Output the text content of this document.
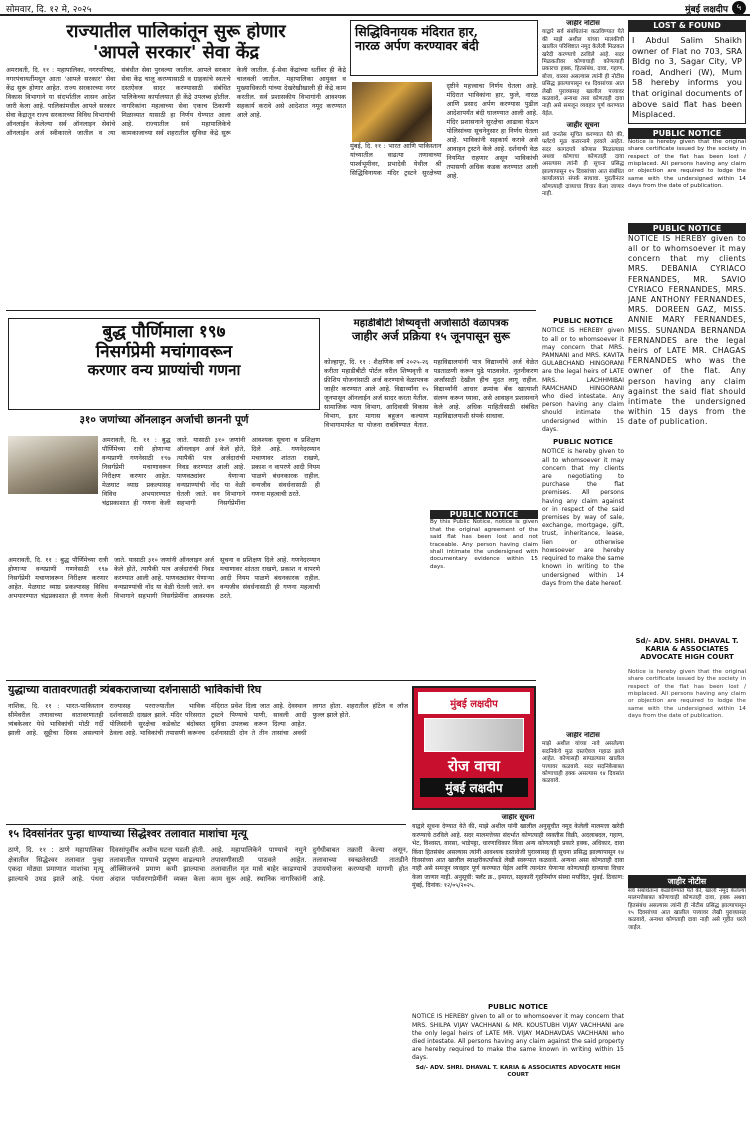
सोमवार, दि. १२ मे, २०२५	मुंबई लक्षदीप ५
राज्यातील पालिकांतून सुरू होणार
'आपले सरकार' सेवा केंद्र
अमरावती, दि. ११ : महापालिका, नगरपरिषद, नगरपंचायतींमधून आता 'आपले सरकार' सेवा केंद्र सुरू होणार आहेत. राज्य सरकारच्या नगर विकास विभागाने या संदर्भातील शासन आदेश जारी केला आहे. पालिकांमधील आपले सरकार सेवा केंद्रातून राज्य सरकारच्या विविध विभागांची ऑनलाईन केलेल्या सर्व ऑनलाइन सेवांचे ऑनलाईन अर्ज स्वीकारले जातील व त्या संबंधीत सेवा पुरवल्या जातील. आपले सरकार सेवा केंद्र चालू करण्यासाठी व ग्राहकांचे स्वतःचे दस्तऐवज सादर करण्यासाठी संबंधित पालिकेच्या कार्यालयात ही केंद्रे उपलब्ध होतील. नागरिकांना महत्वाच्या सेवा एकाच ठिकाणी मिळाव्यात यासाठी हा निर्णय घेण्यात आला आहे. राज्यातील सर्व महापालिकेचे कामकाजाच्या सर्व शहरातील सुविधा केंद्रे सुरू केली जातील. ई-सेवा केंद्रांच्या धर्तीवर ही केंद्रे चालवली जातील. महापालिका आयुक्त व मुख्याधिकारी यांच्या देखरेखीखाली ही केंद्रे काम करतील. सर्व प्रशासकीय विभागांनी आवश्यक सहकार्य करावे असे आदेशात नमूद करण्यात आले आहे.
सिद्धिविनायक मंदिरात हार,
नारळ अर्पण करण्यावर बंदी
मुंबई, दि. ११ : भारत आणि पाकिस्तान यांच्यातील वाढत्या तणावाच्या पार्श्वभूमीवर, प्रभादेवी येथील श्री सिद्धिविनायक मंदिर ट्रस्टने सुरक्षेच्या दृष्टीने महत्त्वाचा निर्णय घेतला आहे. मंदिरात भाविकांना हार, फुले, नारळ आणि प्रसाद अर्पण करण्यास पुढील आदेशापर्यंत बंदी घालण्यात आली आहे. मंदिर प्रशासनाने सुरक्षेचा आढावा घेऊन पोलिसांच्या सूचनेनुसार हा निर्णय घेतला आहे. भाविकांनी सहकार्य करावे असे आवाहन ट्रस्टने केले आहे. दर्शनाची वेळ नियमित राहणार असून भाविकांची तपासणी अधिक कडक करण्यात आली आहे.
जाहीर नोटीस
याद्वारे सर्व संबंधितांना कळविण्यात येते की माझे अशील यांच्या मालकीची खालील परिशिष्टात नमूद केलेली मिळकत खरेदी करण्याचे ठरविले आहे. सदर मिळकतीवर कोणाचाही कोणत्याही प्रकारचा हक्क, हितसंबंध, दावा, गहाण, बोजा, वारसा असल्यास त्यांनी ही नोटीस प्रसिद्ध झाल्यापासून १४ दिवसांच्या आत लेखी पुराव्यासह खालील पत्त्यावर कळवावे, अन्यथा तसा कोणताही दावा नाही असे समजून व्यवहार पूर्ण करण्यात येईल.
जाहीर सूचना
सर्व जनतेस सूचित करण्यात येते की, फ्लॅटचे मूळ करारनामे हरवले आहेत. सदर कागदपत्रे कोणास मिळाल्यास अथवा कोणाचा कोणताही दावा असल्यास त्यांनी ही सूचना प्रसिद्ध झाल्यापासून १५ दिवसांच्या आत संबंधित कार्यालयात संपर्क साधावा. मुदतीनंतर कोणत्याही दाव्याचा विचार केला जाणार नाही.
LOST & FOUND
I Abdul Salim Shaikh owner of Flat no 703, SRA Bldg no 3, Sagar City, VP road, Andheri (W), Mum 58 hereby informs you that original documents of above said flat has been Misplaced.
PUBLIC NOTICE
Notice is hereby given that the original share certificate issued by the society in respect of the flat has been lost / misplaced. All persons having any claim or objection are required to lodge the same with the undersigned within 14 days from the date of publication.
PUBLIC NOTICE
NOTICE IS HEREBY given to all or to whomsoever it may concern that my clients MRS. DEBANIA CYRIACO FERNANDES, MR. SAVIO CYRIACO FERNANDES, MRS. JANE ANTHONY FERNANDES, MRS. DOREEN GAZ, MISS. ANNIE MARY FERNANDES, MISS. SUNANDA BERNANDA FERNANDES are the legal heirs of LATE MR. CHAGAS FERNANDES who was the owner of the flat. Any person having any claim against the said flat should intimate the undersigned within 15 days from the date of publication.
Sd/- ADV. SHRI. DHAVAL T. KARIA & ASSOCIATES ADVOCATE HIGH COURT
Notice is hereby given that the original share certificate issued by the society in respect of the flat has been lost / misplaced. All persons having any claim or objection are required to lodge the same with the undersigned within 14 days from the date of publication.
जाहीर नोटीस
सर्व संबंधितांना कळविण्यात येते की, खाली नमूद केलेल्या मालमत्तेबाबत कोणाचाही कोणताही दावा, हक्क अथवा हितसंबंध असल्यास त्यांनी ही नोटीस प्रसिद्ध झाल्यापासून १५ दिवसांच्या आत खालील पत्त्यावर लेखी पुराव्यासह कळवावे, अन्यथा कोणताही दावा नाही असे गृहीत धरले जाईल.
बुद्ध पौर्णिमाला १९७
निसर्गप्रेमी मचांगावरून
करणार वन्य प्राण्यांची गणना
३१० जणांच्या ऑनलाइन अर्जाची छाननी पूर्ण
अमरावती, दि. ११ : बुद्ध पौर्णिमेच्या रात्री होणाऱ्या वन्यप्राणी गणनेसाठी १९७ निसर्गप्रेमी मचाणावरून निरीक्षण करणार आहेत. मेळघाट व्याघ्र प्रकल्पासह विविध अभयारण्यात चंद्रप्रकाशात ही गणना केली जाते. यासाठी ३१० जणांनी ऑनलाइन अर्ज केले होते, त्यापैकी पात्र अर्जदारांची निवड करण्यात आली आहे. पाणवठ्यांवर येणाऱ्या वन्यप्राण्यांची नोंद या वेळी घेतली जाते. वन विभागाने सहभागी निसर्गप्रेमींना आवश्यक सूचना व प्रशिक्षण दिले आहे. गणनेदरम्यान मचाणावर शांतता राखणे, प्रकाश न वापरणे आदी नियम पाळणे बंधनकारक राहील. वन्यजीव संवर्धनासाठी ही गणना महत्वाची ठरते.
अमरावती, दि. ११ : बुद्ध पौर्णिमेच्या रात्री होणाऱ्या वन्यप्राणी गणनेसाठी १९७ निसर्गप्रेमी मचाणावरून निरीक्षण करणार आहेत. मेळघाट व्याघ्र प्रकल्पासह विविध अभयारण्यात चंद्रप्रकाशात ही गणना केली जाते. यासाठी ३१० जणांनी ऑनलाइन अर्ज केले होते, त्यापैकी पात्र अर्जदारांची निवड करण्यात आली आहे. पाणवठ्यांवर येणाऱ्या वन्यप्राण्यांची नोंद या वेळी घेतली जाते. वन विभागाने सहभागी निसर्गप्रेमींना आवश्यक सूचना व प्रशिक्षण दिले आहे. गणनेदरम्यान मचाणावर शांतता राखणे, प्रकाश न वापरणे आदी नियम पाळणे बंधनकारक राहील. वन्यजीव संवर्धनासाठी ही गणना महत्वाची ठरते.
महाडीबीटी शिष्यवृत्ती अर्जासाठी वेळापत्रक
जाहीर अर्ज प्रक्रिया १५ जूनपासून सुरू
कोल्हापूर, दि. ११ : शैक्षणिक वर्ष २०२५-२६ करीता महाडीबीटी पोर्टल वरील शिष्यवृत्ती व फ्रीशिप योजनांसाठी अर्ज करण्याचे वेळापत्रक जाहीर करण्यात आले आहे. विद्यार्थ्यांना १५ जूनपासून ऑनलाईन अर्ज सादर करता येतील. सामाजिक न्याय विभाग, आदिवासी विकास विभाग, इतर मागास बहुजन कल्याण विभागामार्फत या योजना राबविण्यात येतात. महाविद्यालयांनी पात्र विद्यार्थ्यांचे अर्ज वेळेत पडताळणी करून पुढे पाठवावेत. नूतनीकरण अर्जांसाठी देखील हीच मुदत लागू राहील. विद्यार्थ्यांनी आधार क्रमांक बँक खात्याशी संलग्न करून घ्यावा, असे आवाहन प्रशासनाने केले आहे. अधिक माहितीसाठी संबंधित महाविद्यालयाशी संपर्क साधावा.
PUBLIC NOTICE
NOTICE IS HEREBY given to all or to whomsoever it may concern that MRS. PAMNANI and MRS. KAVITA GULABCHAND HINGORANI are the legal heirs of LATE MRS. LACHHMIBAI RAMCHAND HINGORANI who died intestate. Any person having any claim should intimate the undersigned within 15 days.
PUBLIC NOTICE
NOTICE is hereby given to all to whomsoever it may concern that my clients are negotiating to purchase the flat premises. All persons having any claim against or in respect of the said premises by way of sale, exchange, mortgage, gift, trust, inheritance, lease, lien or otherwise howsoever are hereby required to make the same known in writing to the undersigned within 14 days from the date hereof.
PUBLIC NOTICE
By this Public Notice, notice is given that the original agreement of the said flat has been lost and not traceable. Any person having claim shall intimate the undersigned with documentary evidence within 15 days.
युद्धाच्या वातावरणातही त्र्यंबकराजाच्या दर्शनासाठी भाविकांची रिघ
नाशिक, दि. ११ : भारत-पाकिस्तान सीमेवरील तणावाच्या वातावरणातही त्र्यंबकेश्वर येथे भाविकांची मोठी गर्दी झाली आहे. सुट्टीचा दिवस असल्याने राज्यासह परराज्यातील भाविक दर्शनासाठी दाखल झाले. मंदिर परिसरात पोलिसांनी सुरक्षेचा कडेकोट बंदोबस्त ठेवला आहे. भाविकांची तपासणी करूनच मंदिरात प्रवेश दिला जात आहे. देवस्थान ट्रस्टने पिण्याचे पाणी, सावली आदी सुविधा उपलब्ध करून दिल्या आहेत. दर्शनासाठी दोन ते तीन तासांचा अवधी लागत होता. शहरातील हॉटेल व लॉज फुल्ल झाले होते.
मुंबई लक्षदीप
रोज वाचा
मुंबई लक्षदीप
जाहीर सूचना
याद्वारे सूचना देण्यात येते की, माझे अशील यांनी खालील अनुसूचीत नमूद केलेली मालमत्ता खरेदी करण्याचे ठरविले आहे. सदर मालमत्तेच्या संदर्भात कोणत्याही व्यक्तीस विक्री, अदलाबदल, गहाण, भेट, विश्वस्त, वारसा, भाडेपट्टा, धारणाधिकार किंवा अन्य कोणत्याही प्रकारे हक्क, अधिकार, दावा किंवा हितसंबंध असल्यास त्यांनी आवश्यक दस्तावेजी पुराव्यासह ही सूचना प्रसिद्ध झाल्यापासून १४ दिवसांच्या आत खालील स्वाक्षरीकर्त्यांकडे लेखी स्वरूपात कळवावे. अन्यथा असा कोणताही दावा नाही असे समजून व्यवहार पूर्ण करण्यात येईल आणि त्यानंतर येणाऱ्या कोणत्याही दाव्याचा विचार केला जाणार नाही. अनुसूची: फ्लॅट क्र., इमारत, सहकारी गृहनिर्माण संस्था मर्यादित, मुंबई. ठिकाण: मुंबई, दिनांक: १२/०५/२०२५.
जाहीर नोटीस
माझे अशील यांच्या नावे असलेल्या सदनिकेचे मूळ दस्तऐवज गहाळ झाले आहेत. कोणासही सापडल्यास खालील पत्त्यावर कळवावे. सदर सदनिकेबाबत कोणाचाही हक्क असल्यास १४ दिवसांत कळवावे.
PUBLIC NOTICE
NOTICE IS HEREBY given to all or to whomsoever it may concern that MRS. SHILPA VIJAY VACHHANI & MR. KOUSTUBH VIJAY VACHHANI are the only legal heirs of LATE MR. VIJAY MADHAVDAS VACHHANI who died intestate. All persons having any claim against the said property are hereby required to make the same known in writing within 15 days.
Sd/- ADV. SHRI. DHAVAL T. KARIA & ASSOCIATES ADVOCATE HIGH COURT
१५ दिवसांनंतर पुन्हा धाण्याच्या सिद्धेश्वर तलावात माशांचा मृत्यू
ठाणे, दि. ११ : ठाणे महापालिका क्षेत्रातील सिद्धेश्वर तलावात पुन्हा एकदा मोठ्या प्रमाणात माशांचा मृत्यू झाल्याचे उघड झाले आहे. पंधरा दिवसांपूर्वीच अशीच घटना घडली होती. तलावातील पाण्याचे प्रदूषण वाढल्याने ऑक्सिजनचे प्रमाण कमी झाल्याचा अंदाज पर्यावरणप्रेमींनी व्यक्त केला आहे. महापालिकेने पाण्याचे नमुने तपासणीसाठी पाठवले आहेत. तलावातील मृत मासे बाहेर काढण्याचे काम सुरू आहे. स्थानिक नागरिकांनी दुर्गंधीबाबत तक्रारी केल्या असून, तलावाच्या स्वच्छतेसाठी तातडीने उपाययोजना करण्याची मागणी होत आहे.
